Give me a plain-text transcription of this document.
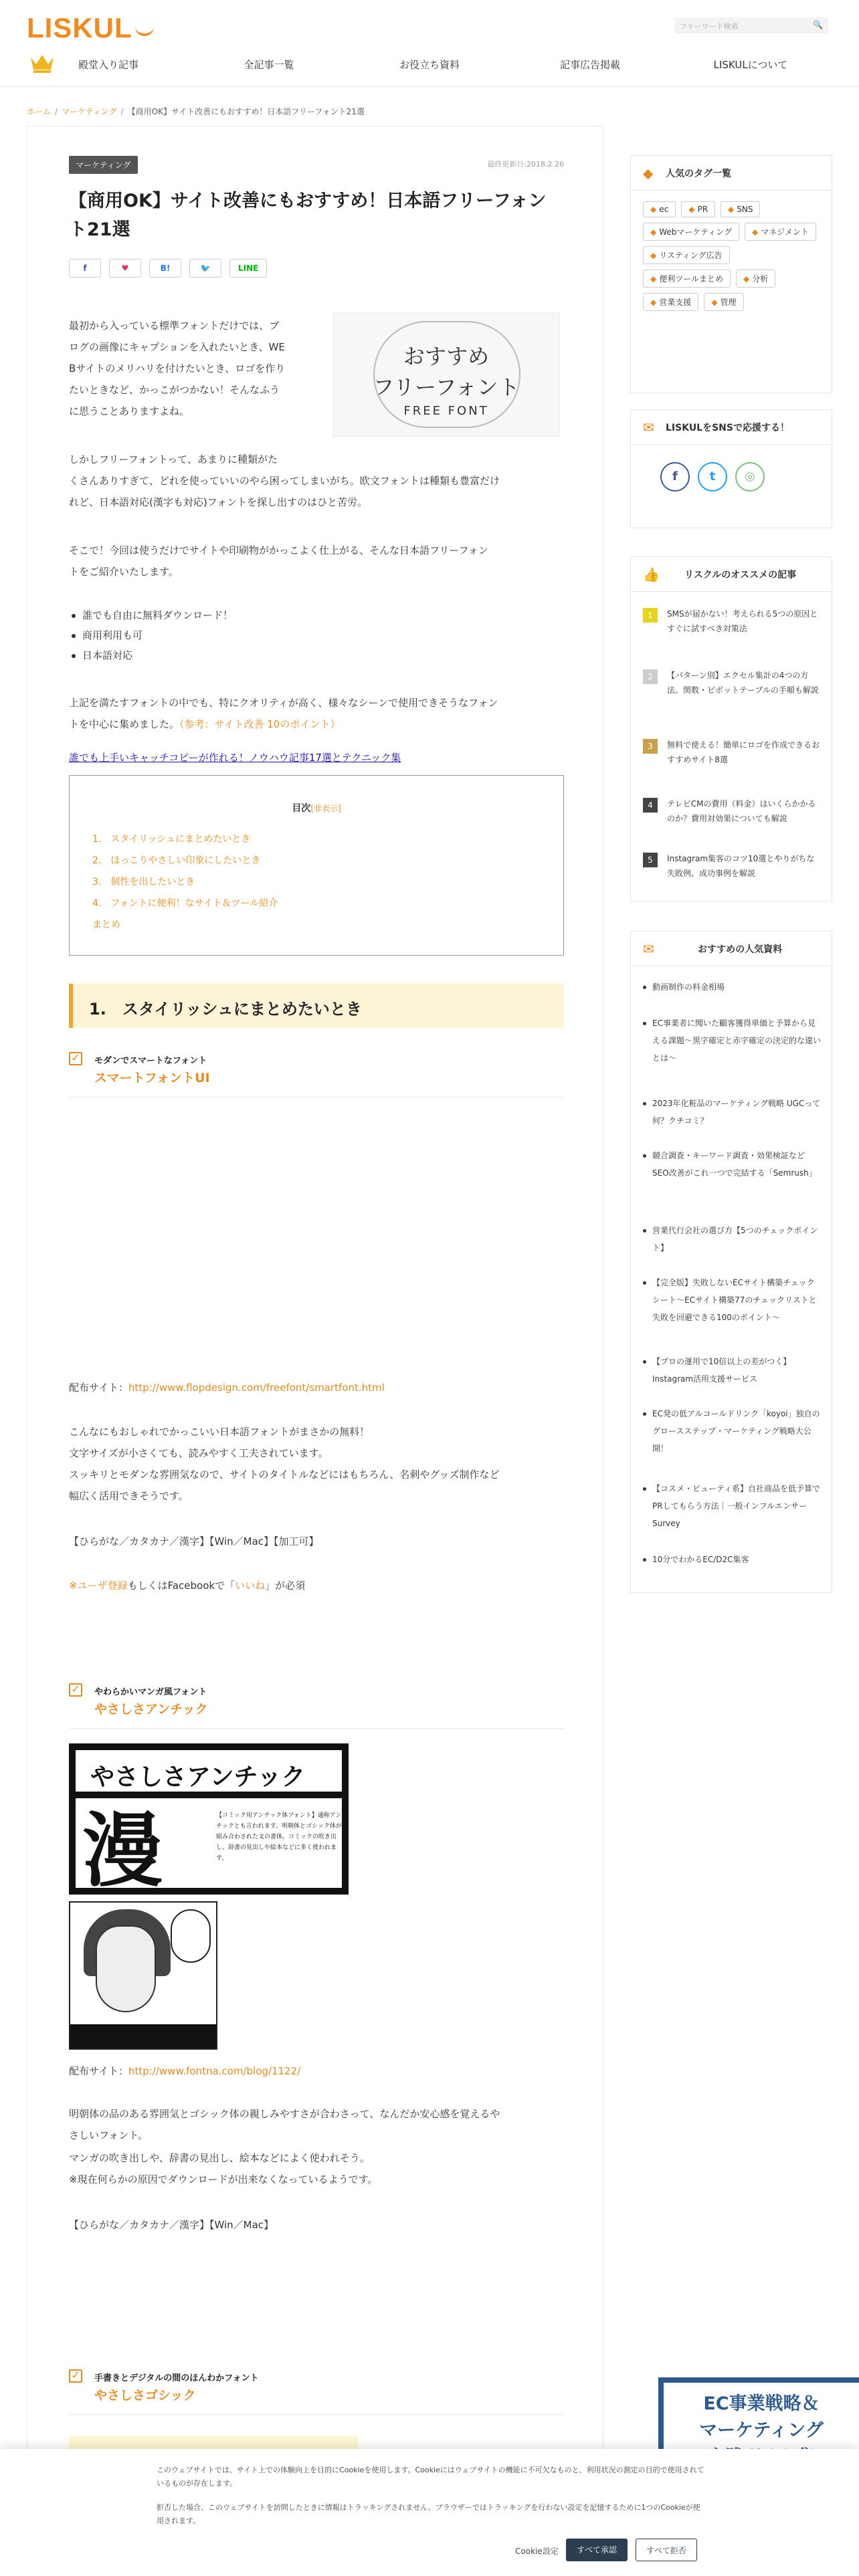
LISKUL	フリーワード検索	🔍
殿堂入り記事	全記事一覧	お役立ち資料	記事広告掲載	LISKULについて
ホーム / マーケティング / 【商用OK】サイト改善にもおすすめ！日本語フリーフォント21選
マーケティング	最終更新日:2018.2.26
【商用OK】サイト改善にもおすすめ！日本語フリーフォント21選
f	♥	B!	🐦	LINE

最初から入っている標準フォントだけでは、ブ

ログの画像にキャプションを入れたいとき、WE

Bサイトのメリハリを付けたいとき、ロゴを作り

たいときなど、かっこがつかない！そんなふう

に思うことありますよね。

おすすめ
フリーフォント
FREE FONT

しかしフリーフォントって、あまりに種類がた

くさんありすぎて、どれを使っていいのやら困ってしまいがち。欧文フォントは種類も豊富だけ

れど、日本語対応(漢字も対応)フォントを探し出すのはひと苦労。

そこで！今回は使うだけでサイトや印刷物がかっこよく仕上がる、そんな日本語フリーフォン

トをご紹介いたします。

誰でも自由に無料ダウンロード！
商用利用も可
日本語対応

上記を満たすフォントの中でも、特にクオリティが高く、様々なシーンで使用できそうなフォン

トを中心に集めました。（参考：サイト改善 10のポイント）

誰でも上手いキャッチコピーが作れる！ノウハウ記事17選とテクニック集

目次[非表示]
1.　スタイリッシュにまとめたいとき
2.　ほっこりやさしい印象にしたいとき
3.　個性を出したいとき
4.　フォントに便利！なサイト＆ツール紹介
まとめ
1.　スタイリッシュにまとめたいとき
✓ モダンでスマートなフォント
スマートフォントUI
配布サイト：http://www.flopdesign.com/freefont/smartfont.html
こんなにもおしゃれでかっこいい日本語フォントがまさかの無料！
文字サイズが小さくても、読みやすく工夫されています。
スッキリとモダンな雰囲気なので、サイトのタイトルなどにはもちろん、名刺やグッズ制作など
幅広く活用できそうです。
【ひらがな／カタカナ／漢字】【Win／Mac】【加工可】
※ユーザ登録もしくはFacebookで「いいね」が必須
✓ やわらかいマンガ風フォント
やさしさアンチック
やさしさアンチック
漫	【コミック用アンチック体フォント】通称アンチックとも言われます。明朝体とゴシック体が組み合わされた文の書体。コミックの吹き出し、辞書の見出しや絵本などに多く使われます。
配布サイト：http://www.fontna.com/blog/1122/
明朝体の品のある雰囲気とゴシック体の親しみやすさが合わさって、なんだか安心感を覚えるや
さしいフォント。
マンガの吹き出しや、辞書の見出し、絵本などによく使われそう。
※現在何らかの原因でダウンロードが出来なくなっているようです。
【ひらがな／カタカナ／漢字】【Win／Mac】
✓ 手書きとデジタルの間のほんわかフォント
やさしさゴシック
◆ 人気のタグ一覧
◆ ec	◆ PR	◆ SNS
◆ Webマーケティング	◆ マネジメント
◆ リスティング広告
◆ 便利ツールまとめ	◆ 分析
◆ 営業支援	◆ 管理
✉ LISKULをSNSで応援する！
f	t	◎
👍	リスクルのオススメの記事
1	SMSが届かない！考えられる5つの原因とすぐに試すべき対策法
2	【パターン別】エクセル集計の4つの方法。関数・ピボットテーブルの手順も解説
3	無料で使える！簡単にロゴを作成できるおすすめサイト8選
4	テレビCMの費用（料金）はいくらかかるのか？費用対効果についても解説
5	Instagram集客のコツ10選とやりがちな失敗例、成功事例を解説
✉	おすすめの人気資料
動画制作の料金相場
EC事業者に聞いた顧客獲得単価と予算から見える課題〜黒字確定と赤字確定の決定的な違いとは〜
2023年化粧品のマーケティング戦略 UGCって何？クチコミ？
競合調査・キーワード調査・効果検証などSEO改善がこれ一つで完結する「Semrush」
営業代行会社の選び方【5つのチェックポイント】
【完全版】失敗しないECサイト構築チェックシート〜ECサイト構築77のチェックリストと失敗を回避できる100のポイント〜
【プロの運用で10倍以上の差がつく】Instagram活用支援サービス
EC発の低アルコールドリンク「koyoi」独自のグロースステップ・マーケティング戦略大公開！
【コスメ・ビューティ系】自社商品を低予算でPRしてもらう方法｜一般インフルエンサーSurvey
10分でわかるEC/D2C集客
EC事業戦略＆
マーケティング
このウェブサイトでは、サイト上での体験向上を目的にCookieを使用します。Cookieにはウェブサイトの機能に不可欠なものと、利用状況の測定の目的で使用されているものが存在します。
拒否した場合、このウェブサイトを訪問したときに情報はトラッキングされません。ブラウザーではトラッキングを行わない設定を記憶するために1つのCookieが使用されます。
Cookie設定	すべて承認	すべて拒否
